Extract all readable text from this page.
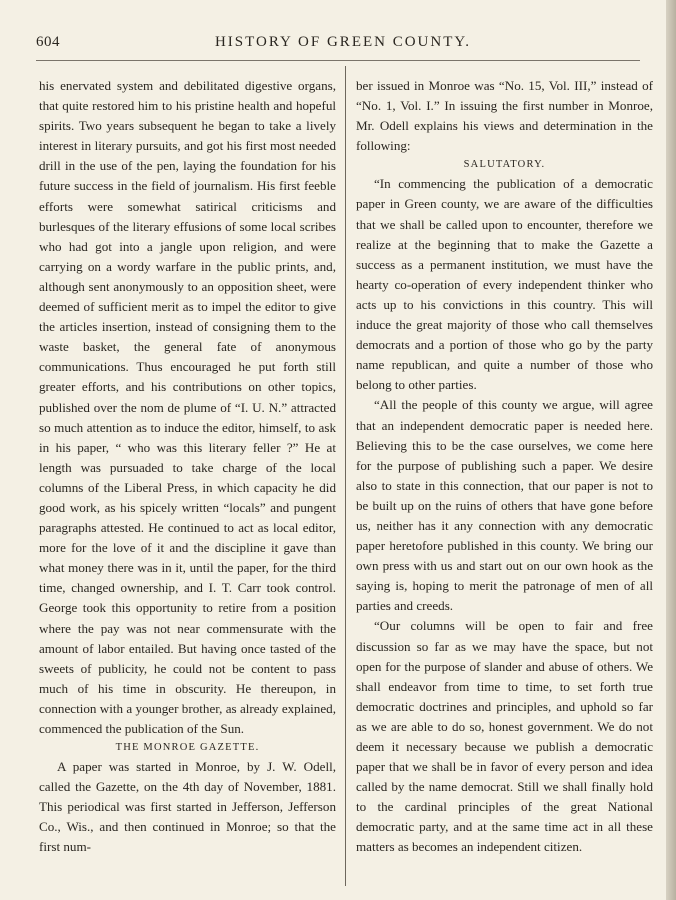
604	HISTORY OF GREEN COUNTY.

his enervated system and debilitated digestive organs, that quite restored him to his pristine health and hopeful spirits. Two years subsequent he began to take a lively interest in literary pursuits, and got his first most needed drill in the use of the pen, laying the foundation for his future success in the field of journalism. His first feeble efforts were somewhat satirical criticisms and burlesques of the literary effusions of some local scribes who had got into a jangle upon religion, and were carrying on a wordy warfare in the public prints, and, although sent anonymously to an opposition sheet, were deemed of sufficient merit as to impel the editor to give the articles insertion, instead of consigning them to the waste basket, the general fate of anonymous communications. Thus encouraged he put forth still greater efforts, and his contributions on other topics, published over the nom de plume of “I. U. N.” attracted so much attention as to induce the editor, himself, to ask in his paper, “ who was this literary feller ?” He at length was pursuaded to take charge of the local columns of the Liberal Press, in which capacity he did good work, as his spicely written “locals” and pungent paragraphs attested. He continued to act as local editor, more for the love of it and the discipline it gave than what money there was in it, until the paper, for the third time, changed ownership, and I. T. Carr took control. George took this opportunity to retire from a position where the pay was not near commensurate with the amount of labor entailed. But having once tasted of the sweets of publicity, he could not be content to pass much of his time in obscurity. He thereupon, in connection with a younger brother, as already explained, commenced the publication of the Sun.

THE MONROE GAZETTE.

A paper was started in Monroe, by J. W. Odell, called the Gazette, on the 4th day of November, 1881. This periodical was first started in Jefferson, Jefferson Co., Wis., and then continued in Monroe; so that the first num-

ber issued in Monroe was “No. 15, Vol. III,” instead of “No. 1, Vol. I.” In issuing the first number in Monroe, Mr. Odell explains his views and determination in the following:

SALUTATORY.

“In commencing the publication of a democratic paper in Green county, we are aware of the difficulties that we shall be called upon to encounter, therefore we realize at the beginning that to make the Gazette a success as a permanent institution, we must have the hearty co-operation of every independent thinker who acts up to his convictions in this country. This will induce the great majority of those who call themselves democrats and a portion of those who go by the party name republican, and quite a number of those who belong to other parties.

“All the people of this county we argue, will agree that an independent democratic paper is needed here. Believing this to be the case ourselves, we come here for the purpose of publishing such a paper. We desire also to state in this connection, that our paper is not to be built up on the ruins of others that have gone before us, neither has it any connection with any democratic paper heretofore published in this county. We bring our own press with us and start out on our own hook as the saying is, hoping to merit the patronage of men of all parties and creeds.

“Our columns will be open to fair and free discussion so far as we may have the space, but not open for the purpose of slander and abuse of others. We shall endeavor from time to time, to set forth true democratic doctrines and principles, and uphold so far as we are able to do so, honest government. We do not deem it necessary because we publish a democratic paper that we shall be in favor of every person and idea called by the name democrat. Still we shall finally hold to the cardinal principles of the great National democratic party, and at the same time act in all these matters as becomes an independent citizen.
